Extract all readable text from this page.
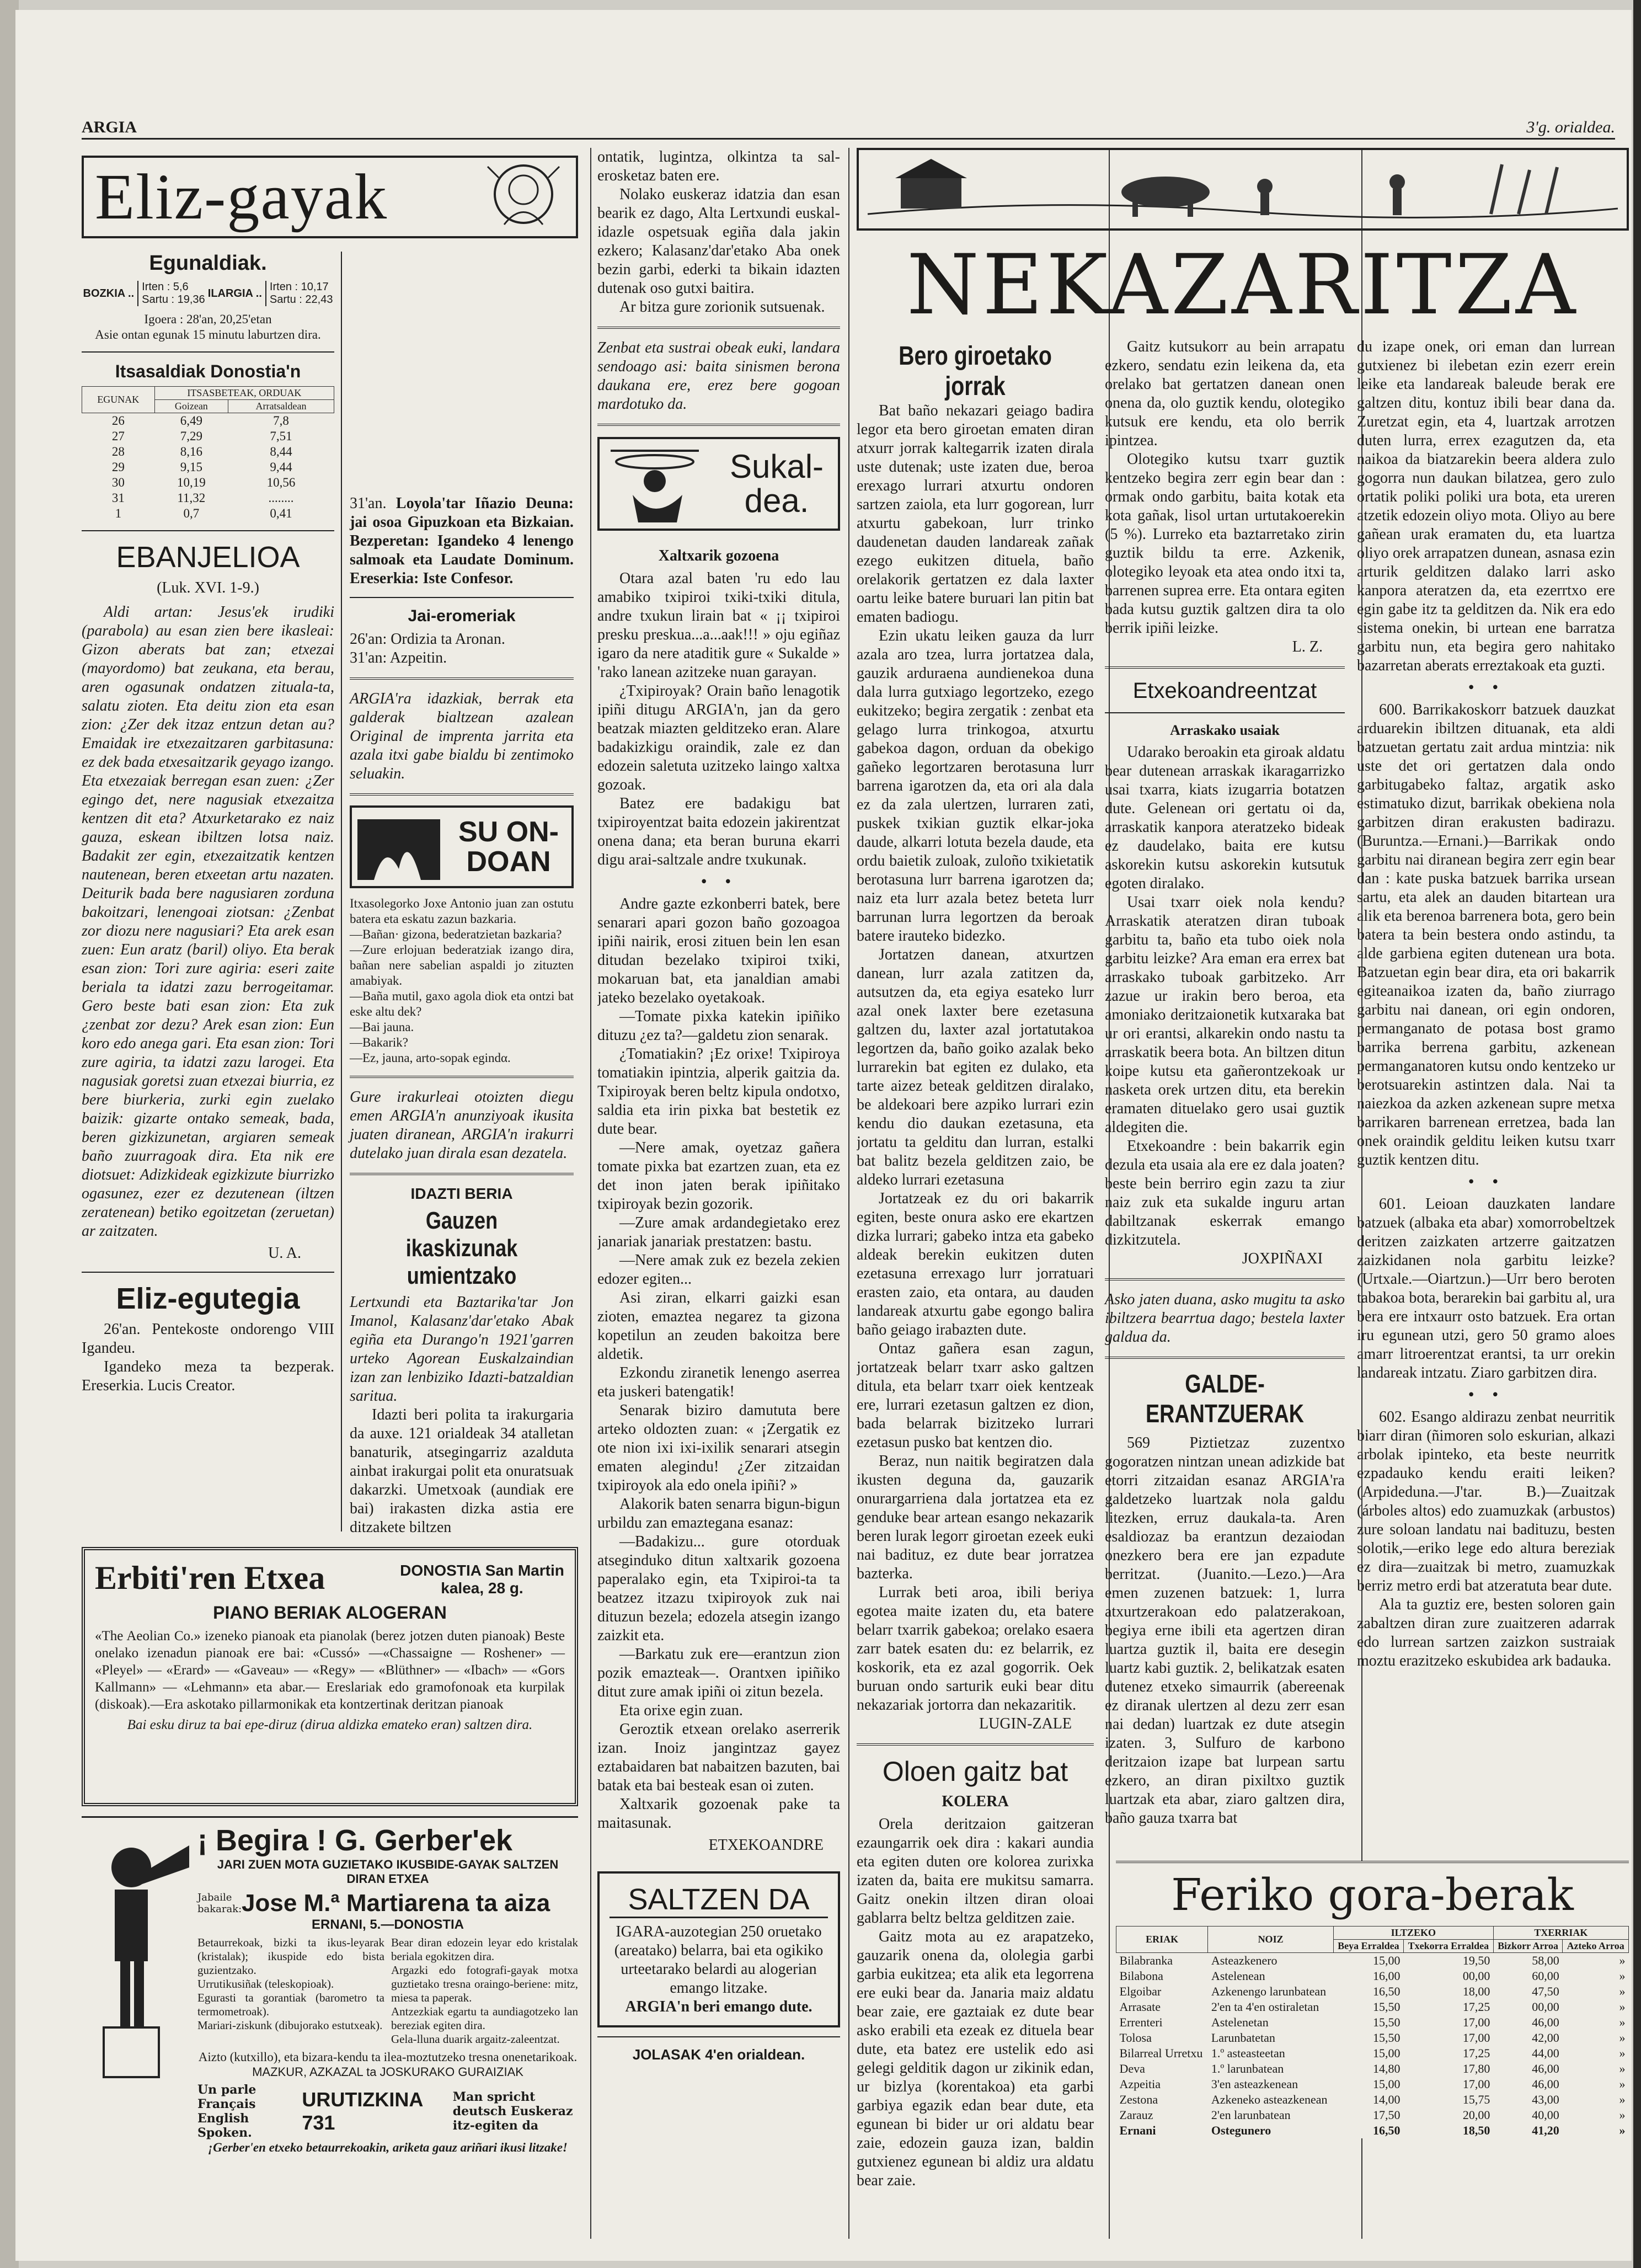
ARGIA	3'g. orialdea.
Eliz-gayak
Egunaldiak.
BOZKIA ..
Irten : 5,6
Sartu : 19,36
ILARGIA ..
Irten : 10,17
Sartu : 22,43
Igoera : 28'an, 20,25'etan
Asie ontan egunak 15 minutu laburtzen dira.
Itsasaldiak Donostia'n
EGUNAK	ITSASBETEAK, ORDUAK	
	Goizean	Arratsaldean
26	6,49	7,8
27	7,29	7,51
28	8,16	8,44
29	9,15	9,44
30	10,19	10,56
31	11,32	........
1	0,7	0,41
EBANJELIOA
(Luk. XVI. 1-9.)
Aldi artan: Jesus'ek irudiki (parabola) au esan zien bere ikasleai: Gizon aberats bat zan; etxezai (mayordomo) bat zeukana, eta berau, aren ogasunak ondatzen zituala-ta, salatu zioten. Eta deitu zion eta esan zion: ¿Zer dek itzaz entzun detan au? Emaidak ire etxezaitzaren garbitasuna: ez dek bada etxesaitzarik geyago izango. Eta etxezaiak berregan esan zuen: ¿Zer egingo det, nere nagusiak etxezaitza kentzen dit eta? Atxurketarako ez naiz gauza, eskean ibiltzen lotsa naiz. Badakit zer egin, etxezaitzatik kentzen nautenean, beren etxeetan artu nazaten. Deiturik bada bere nagusiaren zorduna bakoitzari, lenengoai ziotsan: ¿Zenbat zor diozu nere nagusiari? Eta arek esan zuen: Eun aratz (baril) oliyo. Eta berak esan zion: Tori zure agiria: eseri zaite beriala ta idatzi zazu berrogeitamar. Gero beste bati esan zion: Eta zuk ¿zenbat zor dezu? Arek esan zion: Eun koro edo anega gari. Eta esan zion: Tori zure agiria, ta idatzi zazu larogei. Eta nagusiak goretsi zuan etxezai biurria, ez bere biurkeria, zurki egin zuelako baizik: gizarte ontako semeak, bada, beren gizkizunetan, argiaren semeak baño zuurragoak dira. Eta nik ere diotsuet: Adizkideak egizkizute biurrizko ogasunez, ezer ez dezutenean (iltzen zeratenean) betiko egoitzetan (zeruetan) ar zaitzaten.
U. A.
Eliz-egutegia
26'an. Pentekoste ondorengo VIII Igandeu.
Igandeko meza ta bezperak. Ereserkia. Lucis Creator.
31'an. Loyola'tar Iñazio Deuna: jai osoa Gipuzkoan eta Bizkaian. Bezperetan: Igandeko 4 lenengo salmoak eta Laudate Dominum. Ereserkia: Iste Confesor.
Jai-eromeriak
26'an: Ordizia ta Aronan.
31'an: Azpeitin.
ARGIA'ra idazkiak, berrak eta galderak bialtzean azalean Original de imprenta jarrita eta azala itxi gabe bialdu bi zentimoko seluakin.
SU ON-DOAN
Itxasolegorko Joxe Antonio juan zan ostutu batera eta eskatu zazun bazkaria.
—Bañan· gizona, bederatzietan bazkaria?
—Zure erlojuan bederatziak izango dira, bañan nere sabelian aspaldi jo zituzten amabiyak.
—Baña mutil, gaxo agola diok eta ontzi bat eske altu dek?
—Bai jauna.
—Bakarik?
—Ez, jauna, arto-sopak egindα.
Gure irakurleai otoizten diegu emen ARGIA'n anunziyoak ikusita juaten diranean, ARGIA'n irakurri dutelako juan dirala esan dezatela.
IDAZTI BERIA
Gauzen ikaskizunak umientzako
Lertxundi eta Baztarika'tar Jon Imanol, Kalasanz'dar'etako Abak egiña eta Durango'n 1921'garren urteko Agorean Euskalzaindian izan zan lenbiziko Idazti-batzaldian saritua.
Idazti beri polita ta irakurgaria da auxe. 121 orialdeak 34 atalletan banaturik, atsegingarriz azalduta ainbat irakurgai polit eta onuratsuak dakarzki. Umetxoak (aundiak ere bai) irakasten dizka astia ere ditzakete biltzen
Erbiti'ren Etxea	DONOSTIA San Martin kalea, 28 g.
PIANO BERIAK ALOGERAN
«The Aeolian Co.» izeneko pianoak eta pianolak (berez jotzen duten pianoak) Beste onelako izenadun pianoak ere bai: «Cussó» —«Chassaigne — Roshener» — «Pleyel» — «Erard» — «Gaveau» — «Regy» — «Blüthner» — «Ibach» — «Gors Kallmann» — «Lehmann» eta abar.— Ereslariak edo gramofonoak eta kurpilak (diskoak).—Era askotako pillarmonikak eta kontzertinak deritzan pianoak
Bai esku diruz ta bai epe-diruz (dirua aldizka emateko eran) saltzen dira.
¡ Begira ! G. Gerber'ek
JARI ZUEN MOTA GUZIETAKO IKUSBIDE-GAYAK SALTZEN DIRAN ETXEA
Jabaile bakarak: Jose M.ª Martiarena ta aiza
ERNANI, 5.—DONOSTIA
Betaurrekoak, bizki ta ikus-leyarak (kristalak); ikuspide edo bista guzientzako.
Urrutikusiñak (teleskopioak).
Egurasti ta gorantiak (barometro ta termometroak).
Mariari-ziskunk (dibujorako estutxeak).
Bear diran edozein leyar edo kristalak beriala egokitzen dira.
Argazki edo fotografi-gayak motxa guztietako tresna oraingo-beriene: mitz, miesa ta paperak.
Antzezkiak egartu ta aundiagotzeko lan bereziak egiten dira.
Gela-lluna duarik argaitz-zaleentzat.
Aizto (kutxillo), eta bizara-kendu ta ilea-moztutzeko tresna onenetarikoak.
MAZKUR, AZKAZAL ta JOSKURAKO GURAIZIAK
Un parle Français English Spoken.
URUTIZKINA 731
Man spricht deutsch Euskeraz itz-egiten da
¡Gerber'en etxeko betaurrekoakin, ariketa gauz ariñari ikusi litzake!
ontatik, lugintza, olkintza ta sal-erosketaz baten ere.
Nolako euskeraz idatzia dan esan bearik ez dago, Alta Lertxundi euskal-idazle ospetsuak egiña dala jakin ezkero; Kalasanz'dar'etako Aba onek bezin garbi, ederki ta bikain idazten dutenak oso gutxi baitira.
Ar bitza gure zorionik sutsuenak.
Zenbat eta sustrai obeak euki, landara sendoago asi: baita sinismen berona daukana ere, erez bere gogoan mardotuko da.
Sukal-dea.
Xaltxarik gozoena
Otara azal baten 'ru edo lau amabiko txipiroi txiki-txiki ditula, andre txukun lirain bat « ¡¡ txipiroi presku preskua...a...aak!!! » oju egiñaz igaro da nere ataditik gure « Sukalde » 'rako lanean azitzeke nuan garayan.
¿Txipiroyak? Orain baño lenagotik ipiñi ditugu ARGIA'n, jan da gero beatzak miazten gelditzeko eran. Alare badakizkigu oraindik, zale ez dan edozein saletuta uzitzeko laingo xaltxa gozoak.
Batez ere badakigu bat txipiroyentzat baita edozein jakirentzat onena dana; eta beran buruna ekarri digu arai-saltzale andre txukunak.
• •
Andre gazte ezkonberri batek, bere senarari apari gozon baño gozoagoa ipiñi nairik, erosi zituen bein len esan ditudan bezelako txipiroi txiki, mokaruan bat, eta janaldian amabi jateko bezelako oyetakoak.
—Tomate pixka katekin ipiñiko dituzu ¿ez ta?—galdetu zion senarak.
¿Tomatiakin? ¡Ez orixe! Txipiroya tomatiakin ipintzia, alperik gaitzia da. Txipiroyak beren beltz kipula ondotxo, saldia eta irin pixka bat bestetik ez dute bear.
—Nere amak, oyetzaz gañera tomate pixka bat ezartzen zuan, eta ez det inon jaten berak ipiñitako txipiroyak bezin gozorik.
—Zure amak ardandegietako erez janariak janariak prestatzen: bastu.
—Nere amak zuk ez bezela zekien edozer egiten...
Asi ziran, elkarri gaizki esan zioten, emaztea negarez ta gizona kopetilun an zeuden bakoitza bere aldetik.
Ezkondu ziranetik lenengo aserrea eta juskeri batengatik!
Senarak biziro damututa bere arteko oldozten zuan: « ¡Zergatik ez ote nion ixi ixi-ixilik senarari atsegin ematen alegindu! ¿Zer zitzaidan txipiroyok ala edo onela ipiñi? »
Alakorik baten senarra bigun-bigun urbildu zan emaztegana esanaz:
—Badakizu... gure otorduak atseginduko ditun xaltxarik gozoena paperalako egin, eta Txipiroi-ta ta beatzez itzazu txipiroyok zuk nai dituzun bezela; edozela atsegin izango zaizkit eta.
—Barkatu zuk ere—erantzun zion pozik emazteak—. Orantxen ipiñiko ditut zure amak ipiñi oi zitun bezela.
Eta orixe egin zuan.
Geroztik etxean orelako aserrerik izan. Inoiz jangintzaz gayez eztabaidaren bat nabaitzen bazuten, bai batak eta bai besteak esan oi zuten.
Xaltxarik gozoenak pake ta maitasunak.
ETXEKOANDRE
SALTZEN DA
IGARA-auzotegian 250 oruetako (areatako) belarra, bai eta ogikiko urteetarako belardi au alogerian emango litzake.
ARGIA'n beri emango dute.
JOLASAK 4'en orialdean.
NEKAZARITZA
Bero giroetako jorrak
Bat baño nekazari geiago badira legor eta bero giroetan ematen diran atxurr jorrak kaltegarrik izaten dirala uste dutenak; uste izaten due, beroa erexago lurrari atxurtu ondoren sartzen zaiola, eta lurr gogorean, lurr atxurtu gabekoan, lurr trinko daudenetan dauden landareak zañak ezego eukitzen dituela, baño orelakorik gertatzen ez dala laxter oartu leike batere buruari lan pitin bat ematen badiogu.
Ezin ukatu leiken gauza da lurr azala aro tzea, lurra jortatzea dala, gauzik arduraena aundienekoa duna dala lurra gutxiago legortzeko, ezego eukitzeko; begira zergatik : zenbat eta gelago lurra trinkogoa, atxurtu gabekoa dagon, orduan da obekigo gañeko legortzaren berotasuna lurr barrena igarotzen da, eta ori ala dala ez da zala ulertzen, lurraren zati, puskek txikian guztik elkar-joka daude, alkarri lotuta bezela daude, eta ordu baietik zuloak, zuloño txikietatik berotasuna lurr barrena igarotzen da; naiz eta lurr azala betez beteta lurr barrunan lurra legortzen da beroak batere irauteko bidezko.
Jortatzen danean, atxurtzen danean, lurr azala zatitzen da, autsutzen da, eta egiya esateko lurr azal onek laxter bere ezetasuna galtzen du, laxter azal jortatutakoa legortzen da, baño goiko azalak beko lurrarekin bat egiten ez dulako, eta tarte aizez beteak gelditzen diralako, be aldekoari bere azpiko lurrari ezin kendu dio daukan ezetasuna, eta jortatu ta gelditu dan lurran, estalki bat balitz bezela gelditzen zaio, be aldeko lurrari ezetasuna
Jortatzeak ez du ori bakarrik egiten, beste onura asko ere ekartzen dizka lurrari; gabeko intza eta gabeko aldeak berekin eukitzen duten ezetasuna errexago lurr jorratuari erasten zaio, eta ontara, au dauden landareak atxurtu gabe egongo balira baño geiago irabazten dute.
Ontaz gañera esan zagun, jortatzeak belarr txarr asko galtzen ditula, eta belarr txarr oiek kentzeak ere, lurrari ezetasun galtzen ez dion, bada belarrak bizitzeko lurrari ezetasun pusko bat kentzen dio.
Beraz, nun naitik begiratzen dala ikusten deguna da, gauzarik onurargarriena dala jortatzea eta ez genduke bear artean esango nekazarik beren lurak legorr giroetan ezeek euki nai badituz, ez dute bear jorratzea bazterka.
Lurrak beti aroa, ibili beriya egotea maite izaten du, eta batere belarr txarrik gabekoa; orelako esaera zarr batek esaten du: ez belarrik, ez koskorik, eta ez azal gogorrik. Oek buruan ondo sarturik euki bear ditu nekazariak jortorra dan nekazaritik.
LUGIN-ZALE
Oloen gaitz bat
KOLERA
Orela deritzaion gaitzeran ezaungarrik oek dira : kakari aundia eta egiten duten ore kolorea zurixka izaten da, baita ere mukitsu samarra. Gaitz onekin iltzen diran oloai gablarra beltz beltza gelditzen zaie.
Gaitz mota au ez arapatzeko, gauzarik onena da, ololegia garbi garbia eukitzea; eta alik eta legorrena ere euki bear da. Janaria maiz aldatu bear zaie, ere gaztaiak ez dute bear asko erabili eta ezeak ez dituela bear dute, eta batez ere ustelik edo asi gelegi gelditik dagon ur zikinik edan, ur bizlya (korentakoa) eta garbi garbiya egazik edan bear dute, eta egunean bi bider ur ori aldatu bear zaie, edozein gauza izan, baldin gutxienez egunean bi aldiz ura aldatu bear zaie.
Gaitz kutsukorr au bein arrapatu ezkero, sendatu ezin leikena da, eta orelako bat gertatzen danean onen onena da, olo guztik kendu, olotegiko kutsuk ere kendu, eta olo berrik ipintzea.
Olotegiko kutsu txarr guztik kentzeko begira zerr egin bear dan : ormak ondo garbitu, baita kotak eta kota gañak, lisol urtan urtutakoerekin (5 %). Lurreko eta baztarretako zirin guztik bildu ta erre. Azkenik, olotegiko leyoak eta atea ondo itxi ta, barrenen suprea erre. Eta ontara egiten bada kutsu guztik galtzen dira ta olo berrik ipiñi leizke.
L. Z.
Etxekoandreentzat
Arraskako usaiak
Udarako beroakin eta giroak aldatu bear dutenean arraskak ikaragarrizko usai txarra, kiats izugarria botatzen dute. Gelenean ori gertatu oi da, arraskatik kanpora ateratzeko bideak ez daudelako, baita ere kutsu askorekin kutsu askorekin kutsutuk egoten diralako.
Usai txarr oiek nola kendu? Arraskatik ateratzen diran tuboak garbitu ta, baño eta tubo oiek nola garbitu leizke? Ara eman era errex bat arraskako tuboak garbitzeko. Arr zazue ur irakin bero beroa, eta amoniako deritzaionetik kutxaraka bat ur ori erantsi, alkarekin ondo nastu ta arraskatik beera bota. An biltzen ditun koipe kutsu eta gañerontzekoak ur nasketa orek urtzen ditu, eta berekin eramaten dituelako gero usai guztik aldegiten die.
Etxekoandre : bein bakarrik egin dezula eta usaia ala ere ez dala joaten? beste bein berriro egin zazu ta ziur naiz zuk eta sukalde inguru artan dabiltzanak eskerrak emango dizkitzutela.
JOXPIÑAXI
Asko jaten duana, asko mugitu ta asko ibiltzera bearrtua dago; bestela laxter galdua da.
GALDE-ERANTZUERAK
569 Piztietzaz zuzentxo gogoratzen nintzan unean adizkide bat etorri zitzaidan esanaz ARGIA'ra galdetzeko luartzak nola galdu litezken, erruz daukala-ta. Aren esaldiozaz ba erantzun dezaiodan onezkero bera ere jan ezpadute berritzat. (Juanito.—Lezo.)—Ara emen zuzenen batzuek: 1, lurra atxurtzerakoan edo palatzerakoan, begiya erne ibili eta agertzen diran luartza guztik il, baita ere desegin luartz kabi guztik. 2, belikatzak esaten dutenez etxeko simaurrik (abereenak ez diranak ulertzen al dezu zerr esan nai dedan) luartzak ez dute atsegin izaten. 3, Sulfuro de karbono deritzaion izape bat lurpean sartu ezkero, an diran pixiltxo guztik luartzak eta abar, ziaro galtzen dira, baño gauza txarra bat
du izape onek, ori eman dan lurrean gutxienez bi ilebetan ezin ezerr erein leike eta landareak baleude berak ere galtzen ditu, kontuz ibili bear dana da. Zuretzat egin, eta 4, luartzak arrotzen duten lurra, errex ezagutzen da, eta naikoa da biatzarekin beera aldera zulo gogorra nun daukan bilatzea, gero zulo ortatik poliki poliki ura bota, eta ureren atzetik edozein oliyo mota. Oliyo au bere gañean urak eramaten du, eta luartza oliyo orek arrapatzen dunean, asnasa ezin arturik gelditzen dalako larri asko kanpora ateratzen da, eta ezerrtxo ere egin gabe itz ta gelditzen da. Nik era edo sistema onekin, bi urtean ene barratza garbitu nun, eta begira gero nahitako bazarretan aberats erreztakoak eta guzti.
• •
600. Barrikakoskorr batzuek dauzkat arduarekin ibiltzen dituanak, eta aldi batzuetan gertatu zait ardua mintzia: nik uste det ori gertatzen dala ondo garbitugabeko faltaz, argatik asko estimatuko dizut, barrikak obekiena nola garbitzen diran erakusten badirazu. (Buruntza.—Ernani.)—Barrikak ondo garbitu nai diranean begira zerr egin bear dan : kate puska batzuek barrika ursean sartu, eta alek an dauden bitartean ura alik eta berenoa barrenera bota, gero bein batera ta bein bestera ondo astindu, ta alde garbiena egiten dutenean ura bota. Batzuetan egin bear dira, eta ori bakarrik egiteanaikoa izaten da, baño ziurrago garbitu nai danean, ori egin ondoren, permanganato de potasa bost gramo barrika berrena garbitu, azkenean permanganatoren kutsu ondo kentzeko ur berotsuarekin astintzen dala. Nai ta naiezkoa da azken azkenean supre metxa barrikaren barrenean erretzea, bada lan onek oraindik gelditu leiken kutsu txarr guztik kentzen ditu.
• •
601. Leioan dauzkaten landare batzuek (albaka eta abar) xomorrobeltzek deritzen zaizkaten artzerre gaitzatzen zaizkidanen nola garbitu leizke? (Urtxale.—Oiartzun.)—Urr bero beroten tabakoa bota, berarekin bai garbitu al, ura bera ere intxaurr osto batzuek. Era ortan iru egunean utzi, gero 50 gramo aloes amarr litroerentzat erantsi, ta urr orekin landareak intzatu. Ziaro garbitzen dira.
• •
602. Esango aldirazu zenbat neurritik biarr diran (ñimoren solo eskurian, alkazi arbolak ipinteko, eta beste neurritk ezpadauko kendu eraiti leiken? (Arpideduna.—J'tar. B.)—Zuaitzak (árboles altos) edo zuamuzkak (arbustos) zure soloan landatu nai badituzu, besten solotik,—eriko lege edo altura bereziak ez dira—zuaitzak bi metro, zuamuzkak berriz metro erdi bat atzeratuta bear dute.
Ala ta guztiz ere, besten soloren gain zabaltzen diran zure zuaitzeren adarrak edo lurrean sartzen zaizkon sustraiak moztu erazitzeko eskubidea ark badauka.
Feriko gora-berak
ERIAK	NOIZ	ILTZEKO		TXERRIAK	
		Beya Erraldea	Txekorra Erraldea	Bizkorr Arroa	Azteko Arroa
Bilabranka	Asteazkenero	15,00	19,50	58,00	»
Bilabona	Astelenean	16,00	00,00	60,00	»
Elgoibar	Azkenengo larunbatean	16,50	18,00	47,50	»
Arrasate	2'en ta 4'en ostiraletan	15,50	17,25	00,00	»
Errenteri	Astelenetan	15,50	17,00	46,00	»
Tolosa	Larunbatetan	15,50	17,00	42,00	»
Bilarreal Urretxu	1.º asteasteetan	15,00	17,25	44,00	»
Deva	1.º larunbatean	14,80	17,80	46,00	»
Azpeitia	3'en asteazkenean	15,00	17,00	46,00	»
Zestona	Azkeneko asteazkenean	14,00	15,75	43,00	»
Zarauz	2'en larunbatean	17,50	20,00	40,00	»
Ernani	Ostegunero	16,50	18,50	41,20	»
